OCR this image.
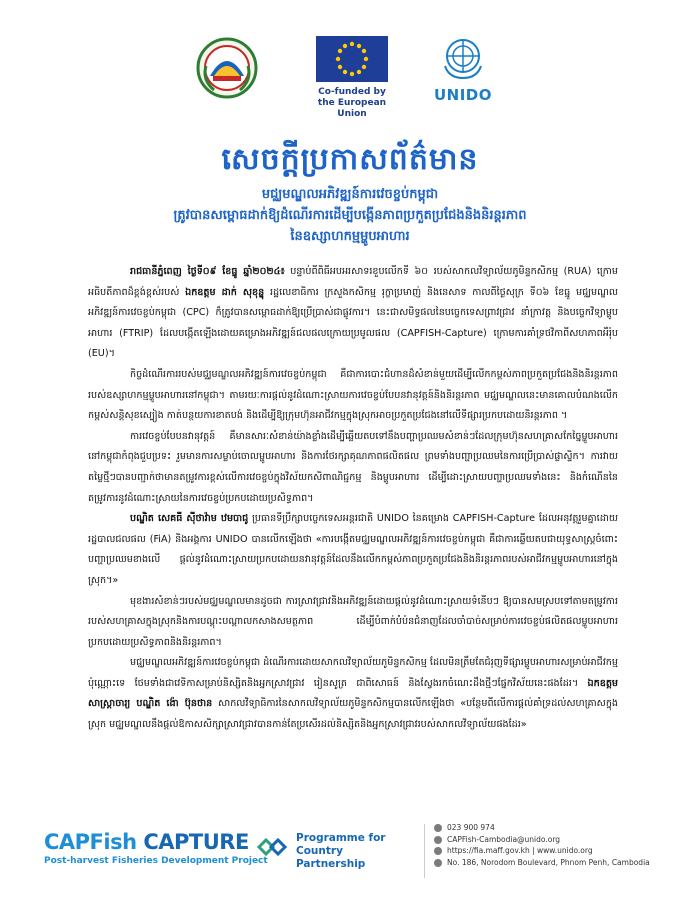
Co-funded by
the European Union
UNIDO
សេចក្តីប្រកាសព័ត៌មាន
មជ្ឈមណ្ឌលអភិវឌ្ឍន៍ការវេចខ្ចប់កម្ពុជា
ត្រូវបានសម្ពោធដាក់ឱ្យដំណើរការដើម្បីបង្កើនភាពប្រកួតប្រជែងនិងនិរន្តរភាព
នៃឧស្សាហកម្មម្ហូបអាហារ

រាជធានីភ្នំពេញ ថ្ងៃទី០៩ ខែធ្នូ ឆ្នាំ២០២៤៖ បន្ទាប់ពីពិធីអបអរសាទរខួបលើកទី ៦០ របស់សាកលវិទ្យាល័យភូមិន្ទកសិកម្ម (RUA) ក្រោមអធិបតីភាពដ៏ខ្ពង់ខ្ពស់របស់ ឯកឧត្តម ដាក់ សុខុន្ឌុ រដ្ឋលេខាធិការ ក្រសួងកសិកម្ម រុក្ខាប្រមាញ់ និងនេសាទ កាលពីថ្ងៃសុក្រ ទី០៦ ខែធ្នូ មជ្ឈមណ្ឌលអភិវឌ្ឍន៍ការវេចខ្ចប់កម្ពុជា (CPC) ក៏ត្រូវបានសម្ពោធដាក់ឱ្យប្រើប្រាស់ជាផ្លូវការ។ នេះជាសមិទ្ធផលនៃបច្ចេកទេសព្រាវជ្រាវ នាំក្រាវត្ត និងបច្ចេកវិទ្យាម្ហូបអាហារ (FTRIP) ដែលបង្កើតឡើងដោយគម្រោងអភិវឌ្ឍន៍ជលផលក្រោយប្រមូលផល (CAPFISH-Capture) ក្រោមការគាំទ្រថវិកាពីសហភាពអឺរ៉ុប (EU)។

កិច្ចដំណើរការរបស់មជ្ឈមណ្ឌលអភិវឌ្ឍន៍ការវេចខ្ចប់កម្ពុជា គឺជាការបោះជំហានដ៏សំខាន់មួយដើម្បីលើកកម្ពស់ភាពប្រកួតប្រជែងនិងនិរន្តរភាពរបស់ឧស្សាហកម្មម្ហូបអាហារនៅកម្ពុជា។ តាមរយៈការផ្តល់នូវដំណោះស្រាយការវេចខ្ចប់បែបនវានុវត្តន៍និងនិរន្តរភាព មជ្ឈមណ្ឌលនេះមានគោលបំណងលើកកម្ពស់សន្តិសុខស្បៀង កាត់បន្ថយការខាតបង់ និងដើម្បីឱ្យក្រុមហ៊ុនអាជីវកម្មក្នុងស្រុកអាចប្រកួតប្រជែងនៅលើទីផ្សារប្រកបដោយនិរន្តរភាព ។

ការវេចខ្ចប់បែបនវានុវត្តន៍ គឺមានសារៈសំខាន់យ៉ាងខ្លាំងដើម្បីឆ្លើយតបទៅនឹងបញ្ហាប្រឈមសំខាន់ៗដែលក្រុមហ៊ុនសហគ្រាសកែច្នៃម្ហូបអាហារនៅកម្ពុជាកំពុងជួបប្រទះ រួមមានការសម្លាប់ចោលម្ហូបអាហារ និងការថែរក្សាគុណភាពផលិតផល ព្រមទាំងបញ្ហាប្រឈមនៃការប្រើប្រាស់ផ្លាស្ទិក។ ការវាយតម្លៃថ្មីៗបានបញ្ជាក់ថាមានតម្រូវការខ្ពស់លើការវេចខ្ចប់ក្នុងវិស័យកសិពាណិជ្ជកម្ម និងម្ហូបអាហារ ដើម្បីដោះស្រាយបញ្ហាប្រឈមទាំងនេះ និងកំណើននៃតម្រូវការនូវដំណោះស្រាយនៃការវេចខ្ចប់ប្រកបដោយប្រសិទ្ធភាព។

បណ្ឌិត សេគធី ស៊ីថាវ៉ាម ឋមបាជូ ប្រធានទីប្រឹក្សាបច្ចេកទេសអន្តរជាតិ UNIDO នៃគម្រោង CAPFISH-Capture ដែលអនុវត្តរួមគ្នាដោយរដ្ឋបាលជលផល (FiA) និងអង្គការ UNIDO បានលើកឡើងថា «ការបង្កើតមជ្ឈមណ្ឌលអភិវឌ្ឍន៍ការវេចខ្ចប់កម្ពុជា គឺជាការឆ្លើយតបជាយុទ្ធសាស្ត្រចំពោះបញ្ហាប្រឈមខាងលើ ផ្តល់នូវដំណោះស្រាយប្រកបដោយនវានុវត្តន៍ដែលនឹងលើកកម្ពស់ភាពប្រកួតប្រជែងនិងនិរន្តរភាពរបស់អាជីវកម្មម្ហូបអាហារនៅក្នុងស្រុក។»

មុខងារសំខាន់ៗរបស់មជ្ឈមណ្ឌលមានដូចជា ការស្រាវជ្រាវនិងអភិវឌ្ឍន៍ដោយផ្តល់នូវដំណោះស្រាយទំនើបៗ ឱ្យបានសមស្របទៅតាមតម្រូវការរបស់សហគ្រាសក្នុងស្រុកនិងការបណ្តុះបណ្តាលកសាងសមត្ថភាព ដើម្បីបំពាក់បំប៉នជំនាញដែលចាំបាច់សម្រាប់ការវេចខ្ចប់ផលិតផលម្ហូបអាហារប្រកបដោយប្រសិទ្ធភាពនិងនិរន្តរភាព។

មជ្ឈមណ្ឌលអភិវឌ្ឍន៍ការវេចខ្ចប់កម្ពុជា ដំណើរការដោយសាកលវិទ្យាល័យភូមិន្ទកសិកម្ម ដែលមិនត្រឹមតែជំរុញទីផ្សារម្ហូបអាហារសម្រាប់អាជីវកម្មប៉ុណ្ណោះទេ ថែមទាំងជាវេទិកាសម្រាប់និស្សិតនិងអ្នកស្រាវជ្រាវ រៀនសូត្រ ជាពិសោធន៍ និងស្វែងរកចំណេះដឹងថ្មីៗផ្នែកវិស័យនេះផងដែរ។ ឯកឧត្តម សាស្ត្រាចារ្យ បណ្ឌិត ង៉ោ ប៊ុនថាន សាកលវិទ្យាធិការនៃសាកលវិទ្យាល័យភូមិន្ទកសិកម្មបានលើកឡើងថា «បន្ថែមពីលើការផ្តល់គាំទ្រដល់សហគ្រាសក្នុងស្រុក មជ្ឈមណ្ឌលនឹងផ្តល់ឱកាសសិក្សាស្រាវជ្រាវបានកាន់តែប្រសើរដល់និស្សិតនិងអ្នកស្រាវជ្រាវរបស់សាកលវិទ្យាល័យផងដែរ»

CAPFish CAPTURE
Post-harvest Fisheries Development Project
Programme for
Country Partnership
023 900 974
CAPFish-Cambodia@unido.org
https://fia.maff.gov.kh | www.unido.org
No. 186, Norodom Boulevard, Phnom Penh, Cambodia
